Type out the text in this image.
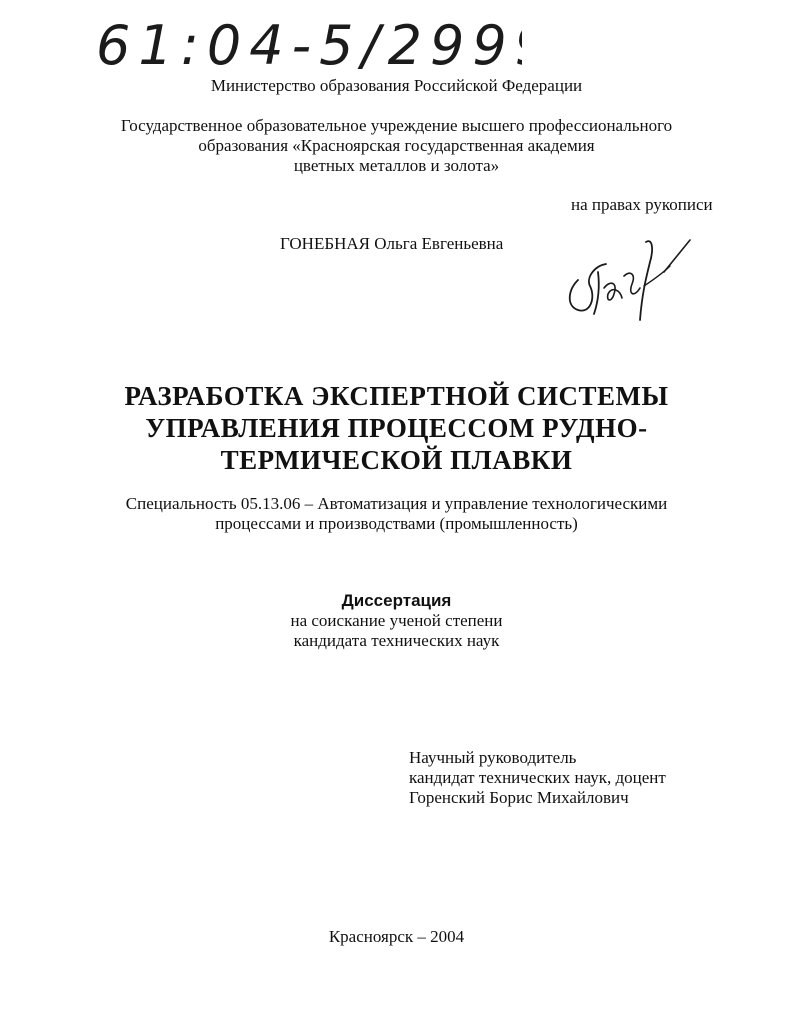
61:04-5/2999
Министерство образования Российской Федерации
Государственное образовательное учреждение высшего профессионального
образования «Красноярская государственная академия
цветных металлов и золота»
на правах рукописи
ГОНЕБНАЯ Ольга Евгеньевна
РАЗРАБОТКА ЭКСПЕРТНОЙ СИСТЕМЫ
УПРАВЛЕНИЯ ПРОЦЕССОМ РУДНО-
ТЕРМИЧЕСКОЙ ПЛАВКИ
Специальность 05.13.06 – Автоматизация и управление технологическими
процессами и производствами (промышленность)
Диссертация
на соискание ученой степени
кандидата технических наук
Научный руководитель
кандидат технических наук, доцент
Горенский Борис Михайлович
Красноярск – 2004
